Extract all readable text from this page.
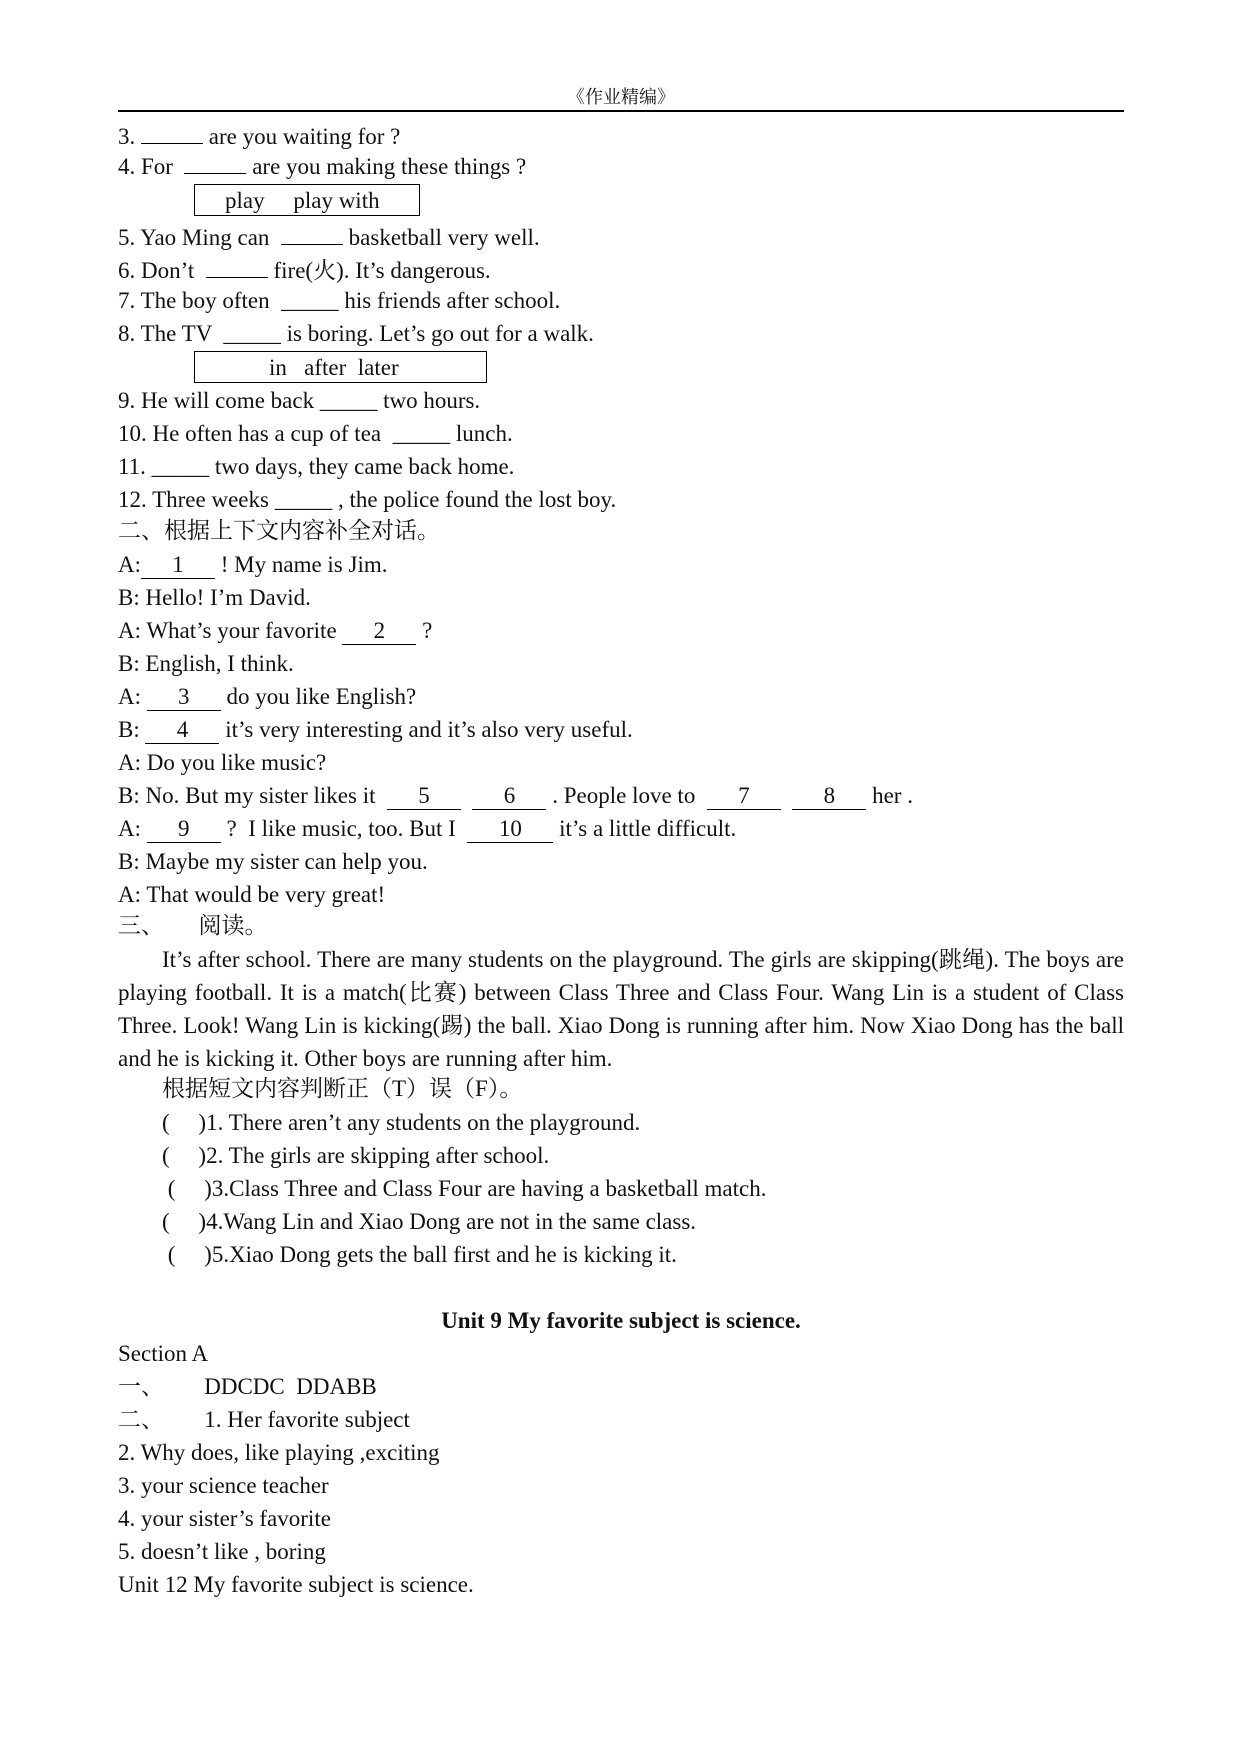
《作业精编》
3.	are you waiting for ?
4. For	are you making these things ?
play     play with
5. Yao Ming can	basketball very well.
6. Don’t	fire(火). It’s dangerous.
7. The boy often  _____ his friends after school.
8. The TV  _____ is boring. Let’s go out for a walk.
in   after  later
9. He will come back _____ two hours.
10. He often has a cup of tea  _____ lunch.
11. _____ two days, they came back home.
12. Three weeks _____ , the police found the lost boy.
二、根据上下文内容补全对话。
A: 1 ! My name is Jim.
B: Hello! I’m David.
A: What’s your favorite 2 ?
B: English, I think.
A: 3 do you like English?
B: 4 it’s very interesting and it’s also very useful.
A: Do you like music?
B: No. But my sister likes it  5	6 . People love to  7	8 her .
A: 9 ?  I like music, too. But I  10 it’s a little difficult.
B: Maybe my sister can help you.
A: That would be very great!
三、      阅读。
It’s after school. There are many students on the playground. The girls are skipping(跳绳). The boys are playing football. It is a match(比赛) between Class Three and Class Four. Wang Lin is a student of Class Three. Look! Wang Lin is kicking(踢) the ball. Xiao Dong is running after him. Now Xiao Dong has the ball and he is kicking it. Other boys are running after him.
根据短文内容判断正（T）误（F）。
(     )1. There aren’t any students on the playground.
(     )2. The girls are skipping after school.
(     )3.Class Three and Class Four are having a basketball match.
(     )4.Wang Lin and Xiao Dong are not in the same class.
(     )5.Xiao Dong gets the ball first and he is kicking it.
Unit 9 My favorite subject is science.
Section A
一、       DDCDC  DDABB
二、       1. Her favorite subject
2. Why does, like playing ,exciting
3. your science teacher
4. your sister’s favorite
5. doesn’t like , boring
Unit 12 My favorite subject is science.
